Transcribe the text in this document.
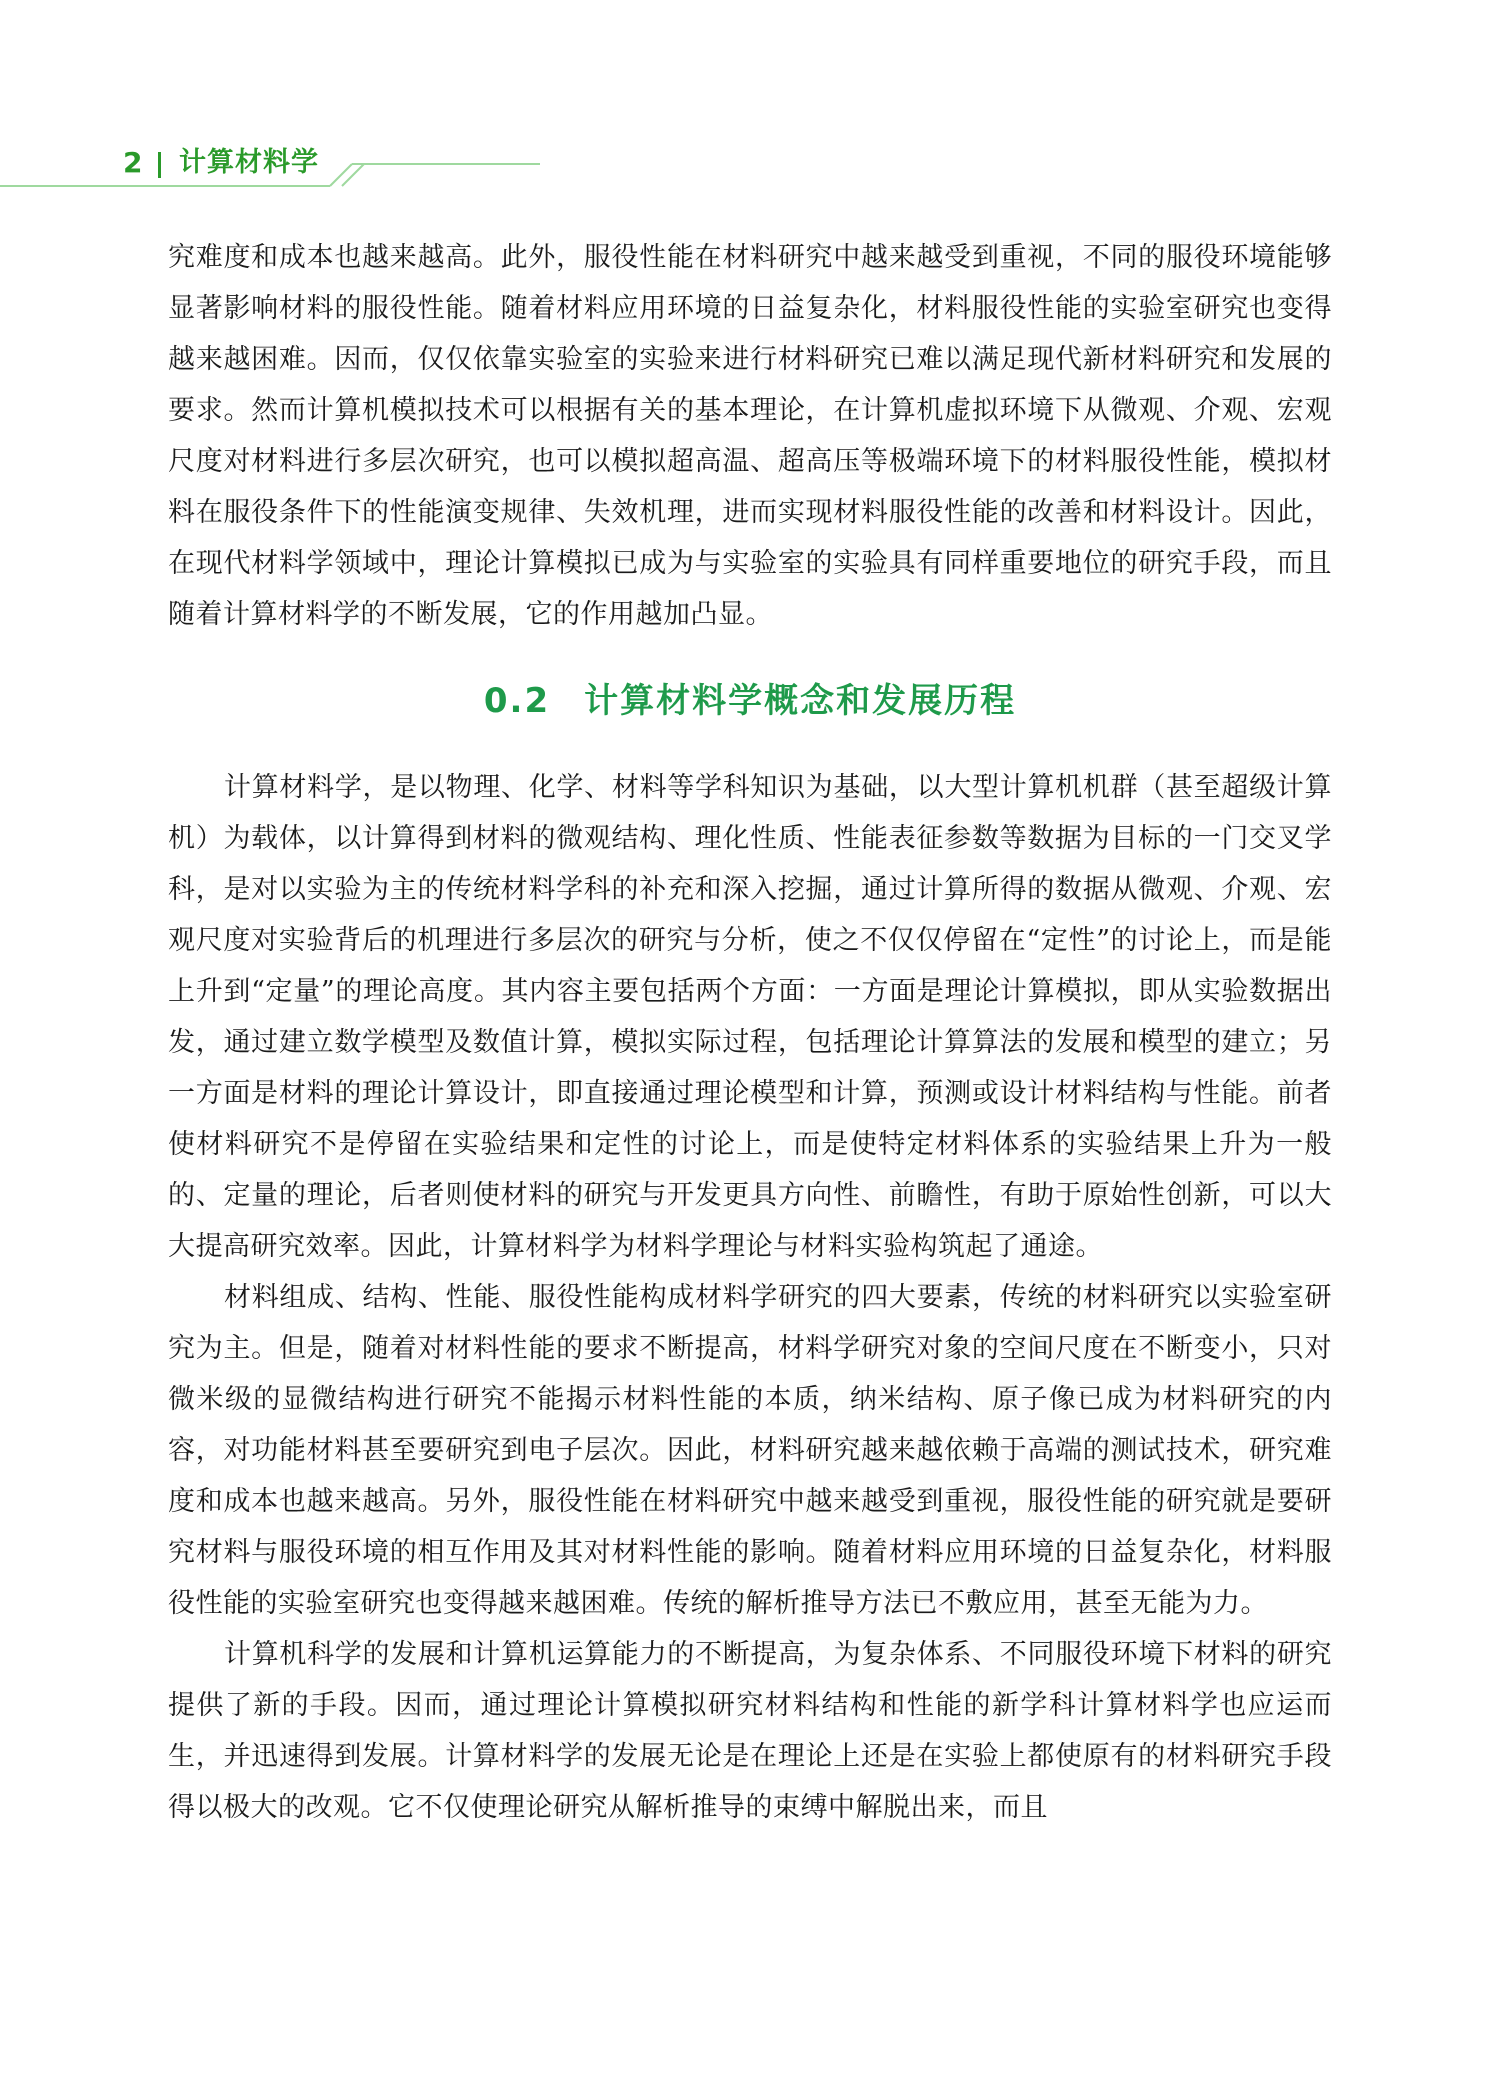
2 计算材料学

究难度和成本也越来越高。此外，服役性能在材料研究中越来越受到重视，不同的服役环境能够显著影响材料的服役性能。随着材料应用环境的日益复杂化，材料服役性能的实验室研究也变得越来越困难。因而，仅仅依靠实验室的实验来进行材料研究已难以满足现代新材料研究和发展的要求。然而计算机模拟技术可以根据有关的基本理论，在计算机虚拟环境下从微观、介观、宏观尺度对材料进行多层次研究，也可以模拟超高温、超高压等极端环境下的材料服役性能，模拟材料在服役条件下的性能演变规律、失效机理，进而实现材料服役性能的改善和材料设计。因此，在现代材料学领域中，理论计算模拟已成为与实验室的实验具有同样重要地位的研究手段，而且随着计算材料学的不断发展，它的作用越加凸显。

0.2 计算材料学概念和发展历程

计算材料学，是以物理、化学、材料等学科知识为基础，以大型计算机机群（甚至超级计算机）为载体，以计算得到材料的微观结构、理化性质、性能表征参数等数据为目标的一门交叉学科，是对以实验为主的传统材料学科的补充和深入挖掘，通过计算所得的数据从微观、介观、宏观尺度对实验背后的机理进行多层次的研究与分析，使之不仅仅停留在“定性”的讨论上，而是能上升到“定量”的理论高度。其内容主要包括两个方面：一方面是理论计算模拟，即从实验数据出发，通过建立数学模型及数值计算，模拟实际过程，包括理论计算算法的发展和模型的建立；另一方面是材料的理论计算设计，即直接通过理论模型和计算，预测或设计材料结构与性能。前者使材料研究不是停留在实验结果和定性的讨论上，而是使特定材料体系的实验结果上升为一般的、定量的理论，后者则使材料的研究与开发更具方向性、前瞻性，有助于原始性创新，可以大大提高研究效率。因此，计算材料学为材料学理论与材料实验构筑起了通途。

材料组成、结构、性能、服役性能构成材料学研究的四大要素，传统的材料研究以实验室研究为主。但是，随着对材料性能的要求不断提高，材料学研究对象的空间尺度在不断变小，只对微米级的显微结构进行研究不能揭示材料性能的本质，纳米结构、原子像已成为材料研究的内容，对功能材料甚至要研究到电子层次。因此，材料研究越来越依赖于高端的测试技术，研究难度和成本也越来越高。另外，服役性能在材料研究中越来越受到重视，服役性能的研究就是要研究材料与服役环境的相互作用及其对材料性能的影响。随着材料应用环境的日益复杂化，材料服役性能的实验室研究也变得越来越困难。传统的解析推导方法已不敷应用，甚至无能为力。

计算机科学的发展和计算机运算能力的不断提高，为复杂体系、不同服役环境下材料的研究提供了新的手段。因而，通过理论计算模拟研究材料结构和性能的新学科计算材料学也应运而生，并迅速得到发展。计算材料学的发展无论是在理论上还是在实验上都使原有的材料研究手段得以极大的改观。它不仅使理论研究从解析推导的束缚中解脱出来，而且
